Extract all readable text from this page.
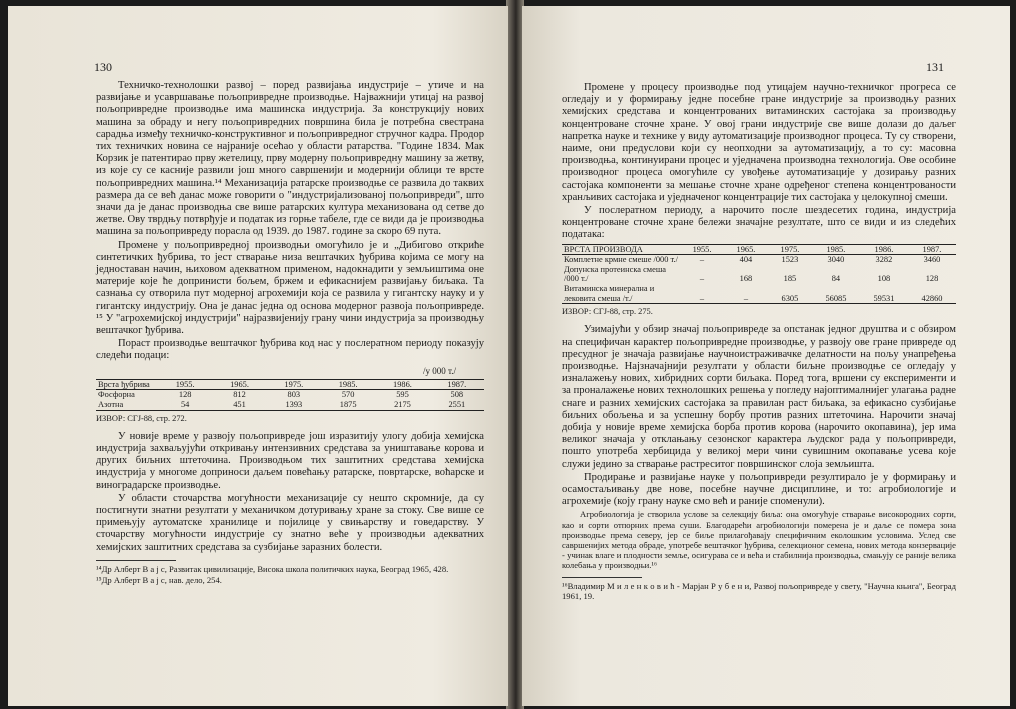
130

Техничко-технолошки развој – поред развијања индустрије – утиче и на развијање и усавршавање пољопривредне производње. Најважнији утицај на развој пољопривредне производње има машинска индустрија. За конструкцију нових машина за обраду и негу пољопривредних површина била је потребна свестрана сарадња између техничко-конструктивног и пољопривредног стручног кадра. Продор тих техничких новина се најраније осећао у области ратарства. "Године 1834. Мак Корзик је патентирао прву жетелицу, прву модерну пољопривредну машину за жетву, из које су се касније развили још много савршенији и модернији облици те врсте пољопривредних машина.¹⁴ Механизација ратарске производње се развила до таквих размера да се већ данас може говорити о "индустријализованој пољопривреди", што значи да је данас производња све више ратарских култура механизована од сетве до жетве. Ову тврдњу потврђује и податак из горње табеле, где се види да је производња машина за пољопривреду порасла од 1939. до 1987. године за скоро 69 пута.

Промене у пољопривредној производњи омогућило је и „Дибигово откриће синтетичких ђубрива, то јест стварање низа вештачких ђубрива којима се могу на једноставан начин, њиховом адекватном применом, надокнадити у земљиштима оне материје које ће допринисти бољем, бржем и ефикаснијем развијању биљака. Та сазнања су отворила пут модерној агрохемији која се развила у гигантску науку и у гигантску индустрију. Она је данас једна од основа модерног развоја пољопривреде. ¹⁵ У "агрохемијској индустрији" најразвијенију грану чини индустрија за производњу вештачког ђубрива.

Пораст производње вештачког ђубрива код нас у послератном периоду показују следећи подаци:

/у 000 т./
Врста ђубрива	1955.	1965.	1975.	1985.	1986.	1987.
Фосфорна	128	812	803	570	595	508
Азотна	54	451	1393	1875	2175	2551
ИЗВОР: СГЈ-88, стр. 272.

У новије време у развоју пољопривреде још изразитију улогу добија хемијска индустрија захваљујући откривању интензивних средстава за уништавање корова и других биљних штеточина. Производњом тих заштитних средстава хемијска индустрија у многоме доприноси даљем повећању ратарске, повртарске, воћарске и виноградарске производње.

У области сточарства могућности механизације су нешто скромније, да су постигнути знатни резултати у механичком дотуривању хране за стоку. Све више се примењују аутоматске хранилице и појилице у свињарству и говедарству. У сточарству могућности индустрије су знатно веће у производњи адекватних хемијских заштитних средстава за сузбијање заразних болести.

¹⁴Др Алберт В а ј с, Развитак цивилизације, Висока школа политичких наука, Београд 1965, 428.

¹⁵Др Алберт В а ј с, нав. дело, 254.

131

Промене у процесу производње под утицајем научно-техничког прогреса се огледају и у формирању једне посебне гране индустрије за производњу разних хемијских средстава и концентрованих витаминских састојака за производњу концентроване сточне хране. У овој грани индустрије све више долази до даљег напретка науке и технике у виду аутоматизације производног процеса. Ту су створени, наиме, они предуслови који су неопходни за аутоматизацију, а то су: масовна производња, континуирани процес и уједначена производна технологија. Ове особине производног процеса омогућиле су увођење аутоматизације у дозирању разних састојака компоненти за мешање сточне хране одређеног степена концентрованости хранљивих састојака и уједначеног концентрације тих састојака у целокупној смеши.

У послератном периоду, а нарочито после шездесетих година, индустрија концентроване сточне хране бележи значајне резултате, што се види и из следећих података:

ВРСТА ПРОИЗВОДА	1955.	1965.	1975.	1985.	1986.	1987.
Комплетне крмне смеше /000 т./	–	404	1523	3040	3282	3460
Допунска протеинска смеша /000 т./	–	168	185	84	108	128
Витаминска минерална и лековита смеша /т./	–	–	6305	56085	59531	42860
ИЗВОР: СГЈ-88, стр. 275.

Узимајући у обзир значај пољопривреде за опстанак једног друштва и с обзиром на специфичан карактер пољопривредне производње, у развоју ове гране привреде од пресудног је значаја развијање научноистраживачке делатности на пољу унапређења производње. Најзначајнији резултати у области биљне производње се огледају у изналажењу нових, хибридних сорти биљака. Поред тога, вршени су експерименти и за проналажење нових технолошких решења у погледу најоптималнијег улагања радне снаге и разних хемијских састојака за правилан раст биљака, за ефикасно сузбијање биљних обољења и за успешну борбу против разних штеточина. Нарочити значај добија у новије време хемијска борба против корова (нарочито окопавина), јер има великог значаја у отклањању сезонског карактера људског рада у пољопривреди, пошто употреба хербицида у великој мери чини сувишним окопавање усева које служи једино за стварање растреситог површинског слоја земљишта.

Продирање и развијање науке у пољопривреди резултирало је у формирању и осамостаљивању две нове, посебне научне дисциплине, и то: агробиологије и агрохемије (коју грану науке смо већ и раније споменули).

Агробиологија је створила услове за селекцију биља: она омогућује стварање високородних сорти, као и сорти отпорних према суши. Благодарећи агробиологији померена је и даље се помера зона производње према северу, јер се биље прилагођавају специфичним еколошким условима. Услед све савршенијих метода обраде, употребе вештачког ђубрива, селекционог семена, нових метода конзервације - учинак влаге и плодности земље, осигурава се и већа и стабилнија производња, смањују се раније велика колебања у производњи.¹⁶

¹⁶Владимир М и л е н к о в и ћ - Марјан Р у б е н и, Развој пољопривреде у свету, "Научна књига", Београд 1961, 19.
